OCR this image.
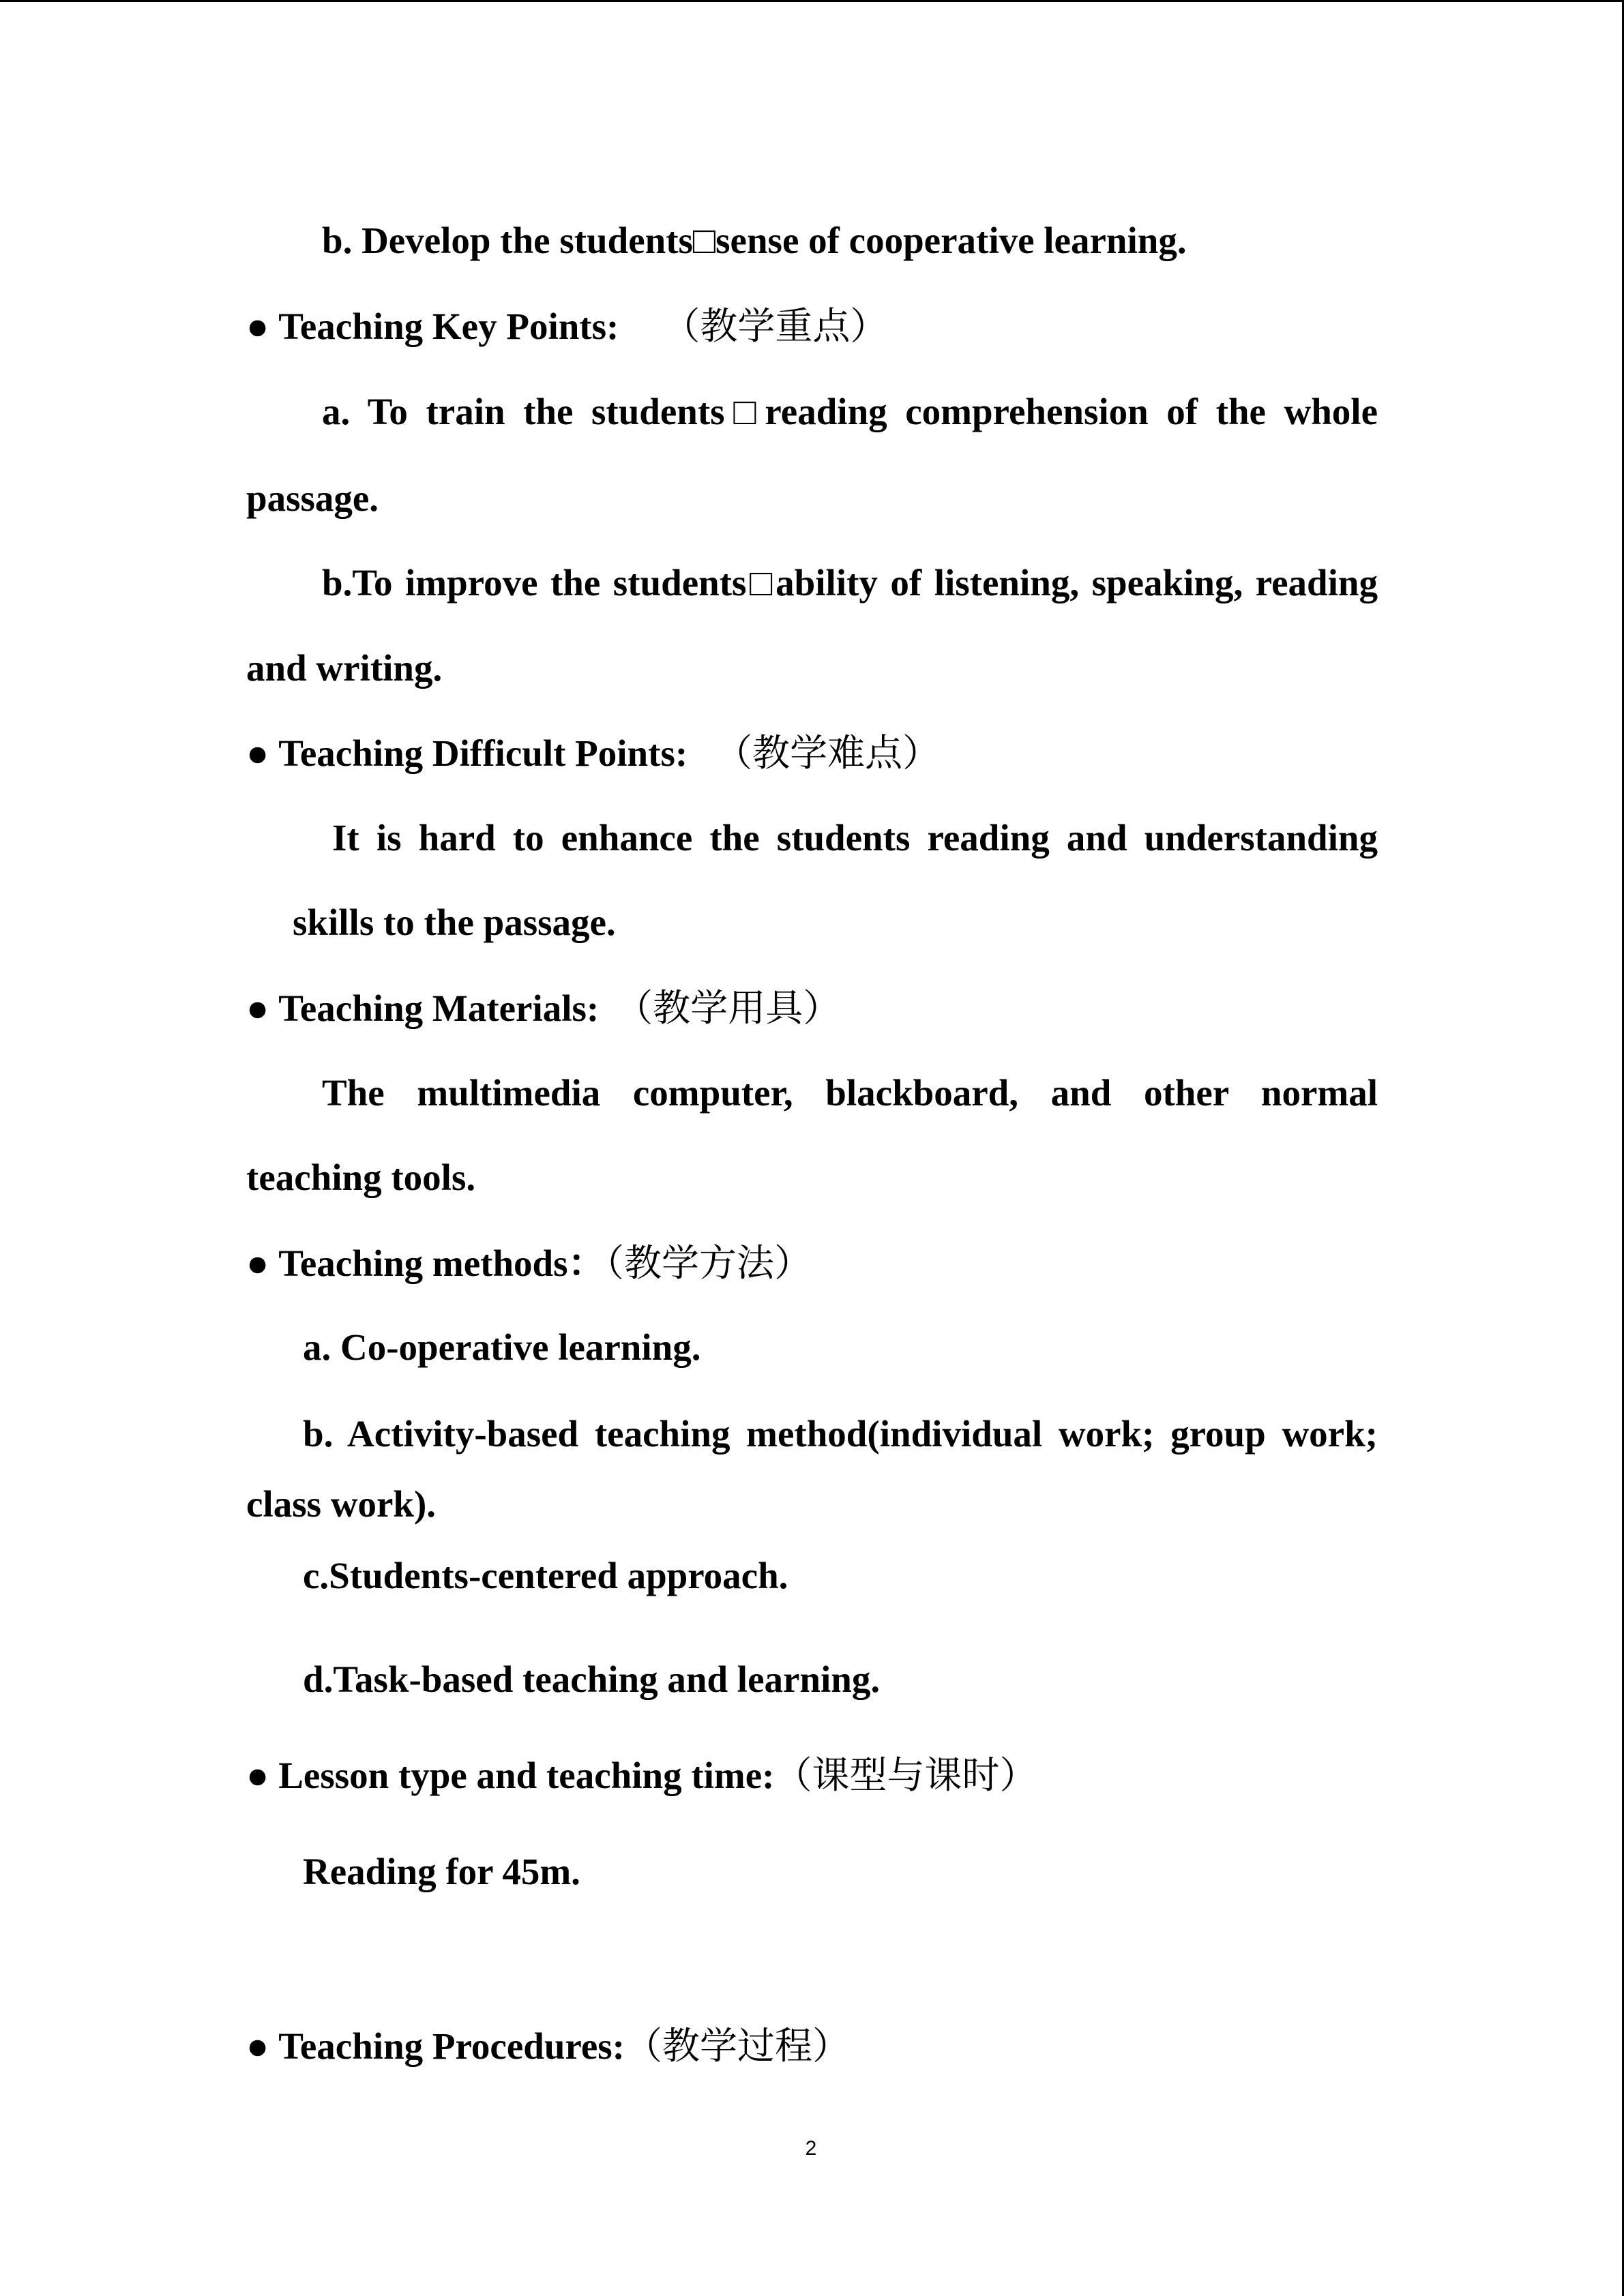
b. Develop the students□sense of cooperative learning.
● Teaching Key Points: （教学重点）
a. To train the students□reading comprehension of the whole
passage.
b.To improve the students□ability of listening, speaking, reading
and writing.
● Teaching Difficult Points: （教学难点）
It is hard to enhance the students reading and understanding
skills to the passage.
● Teaching Materials: （教学用具）
The multimedia computer, blackboard, and other normal
teaching tools.
● Teaching methods：（教学方法）
a. Co-operative learning.
b. Activity-based teaching method(individual work; group work;
class work).
c.Students-centered approach.
d.Task-based teaching and learning.
● Lesson type and teaching time:（课型与课时）
Reading for 45m.
● Teaching Procedures:（教学过程）
2
